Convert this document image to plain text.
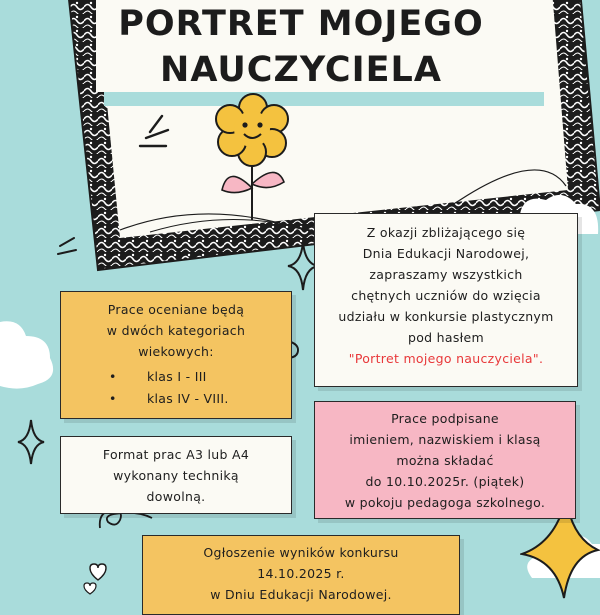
PORTRET MOJEGO
NAUCZYCIELA
Z okazji zbliżającego się
Dnia Edukacji Narodowej,
zapraszamy wszystkich
chętnych uczniów do wzięcia
udziału w konkursie plastycznym
pod hasłem
"Portret mojego nauczyciela".
Prace oceniane będą
w dwóch kategoriach
wiekowych:
• klas I - III
• klas IV - VIII.
Format prac A3 lub A4
wykonany techniką
dowolną.
Prace podpisane
imieniem, nazwiskiem i klasą
można składać
do 10.10.2025r. (piątek)
w pokoju pedagoga szkolnego.
Ogłoszenie wyników konkursu
14.10.2025 r.
w Dniu Edukacji Narodowej.
